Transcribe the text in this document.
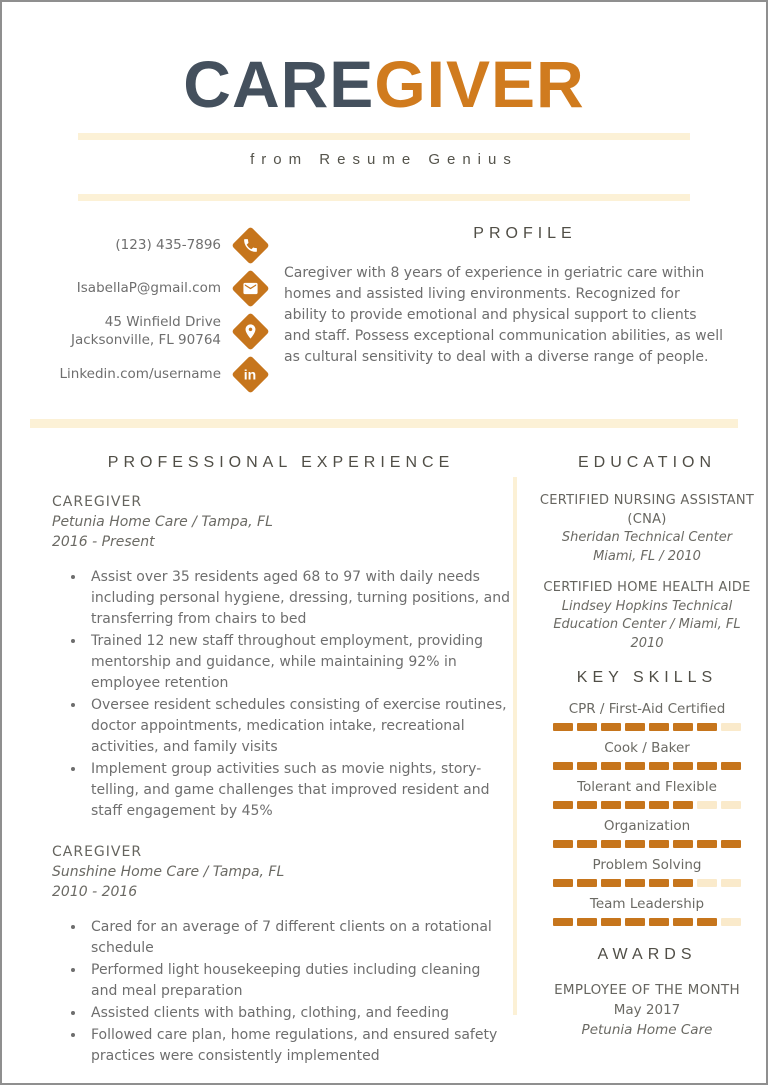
CAREGIVER
from Resume Genius
(123) 435-7896
IsabellaP@gmail.com
45 Winfield Drive
Jacksonville, FL 90764
Linkedin.com/username in
PROFILE

Caregiver with 8 years of experience in geriatric care within homes and assisted living environments. Recognized for ability to provide emotional and physical support to clients and staff. Possess exceptional communication abilities, as well as cultural sensitivity to deal with a diverse range of people.

PROFESSIONAL EXPERIENCE
CAREGIVER
Petunia Home Care / Tampa, FL
2016 - Present
• Assist over 35 residents aged 68 to 97 with daily needs including personal hygiene, dressing, turning positions, and transferring from chairs to bed
• Trained 12 new staff throughout employment, providing mentorship and guidance, while maintaining 92% in employee retention
• Oversee resident schedules consisting of exercise routines, doctor appointments, medication intake, recreational activities, and family visits
• Implement group activities such as movie nights, story-telling, and game challenges that improved resident and staff engagement by 45%
CAREGIVER
Sunshine Home Care / Tampa, FL
2010 - 2016
• Cared for an average of 7 different clients on a rotational schedule
• Performed light housekeeping duties including cleaning and meal preparation
• Assisted clients with bathing, clothing, and feeding
• Followed care plan, home regulations, and ensured safety practices were consistently implemented
EDUCATION
CERTIFIED NURSING ASSISTANT (CNA)
Sheridan Technical Center
Miami, FL / 2010
CERTIFIED HOME HEALTH AIDE
Lindsey Hopkins Technical Education Center / Miami, FL
2010
KEY SKILLS
CPR / First-Aid Certified
Cook / Baker
Tolerant and Flexible
Organization
Problem Solving
Team Leadership
AWARDS
EMPLOYEE OF THE MONTH
May 2017
Petunia Home Care
